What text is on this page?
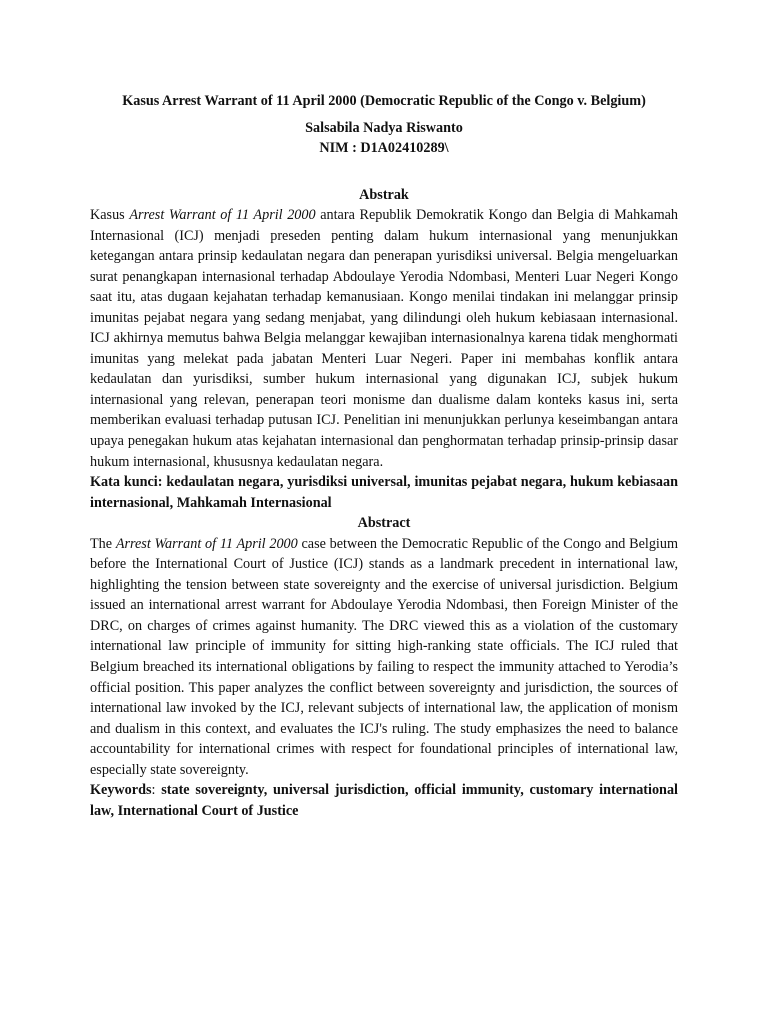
Kasus Arrest Warrant of 11 April 2000 (Democratic Republic of the Congo v. Belgium)

Salsabila Nadya Riswanto

NIM : D1A02410289\

Abstrak

Kasus Arrest Warrant of 11 April 2000 antara Republik Demokratik Kongo dan Belgia di Mahkamah Internasional (ICJ) menjadi preseden penting dalam hukum internasional yang menunjukkan ketegangan antara prinsip kedaulatan negara dan penerapan yurisdiksi universal. Belgia mengeluarkan surat penangkapan internasional terhadap Abdoulaye Yerodia Ndombasi, Menteri Luar Negeri Kongo saat itu, atas dugaan kejahatan terhadap kemanusiaan. Kongo menilai tindakan ini melanggar prinsip imunitas pejabat negara yang sedang menjabat, yang dilindungi oleh hukum kebiasaan internasional. ICJ akhirnya memutus bahwa Belgia melanggar kewajiban internasionalnya karena tidak menghormati imunitas yang melekat pada jabatan Menteri Luar Negeri. Paper ini membahas konflik antara kedaulatan dan yurisdiksi, sumber hukum internasional yang digunakan ICJ, subjek hukum internasional yang relevan, penerapan teori monisme dan dualisme dalam konteks kasus ini, serta memberikan evaluasi terhadap putusan ICJ. Penelitian ini menunjukkan perlunya keseimbangan antara upaya penegakan hukum atas kejahatan internasional dan penghormatan terhadap prinsip-prinsip dasar hukum internasional, khususnya kedaulatan negara.

Kata kunci: kedaulatan negara, yurisdiksi universal, imunitas pejabat negara, hukum kebiasaan internasional, Mahkamah Internasional

Abstract

The Arrest Warrant of 11 April 2000 case between the Democratic Republic of the Congo and Belgium before the International Court of Justice (ICJ) stands as a landmark precedent in international law, highlighting the tension between state sovereignty and the exercise of universal jurisdiction. Belgium issued an international arrest warrant for Abdoulaye Yerodia Ndombasi, then Foreign Minister of the DRC, on charges of crimes against humanity. The DRC viewed this as a violation of the customary international law principle of immunity for sitting high-ranking state officials. The ICJ ruled that Belgium breached its international obligations by failing to respect the immunity attached to Yerodia’s official position. This paper analyzes the conflict between sovereignty and jurisdiction, the sources of international law invoked by the ICJ, relevant subjects of international law, the application of monism and dualism in this context, and evaluates the ICJ's ruling. The study emphasizes the need to balance accountability for international crimes with respect for foundational principles of international law, especially state sovereignty.

Keywords: state sovereignty, universal jurisdiction, official immunity, customary international law, International Court of Justice
